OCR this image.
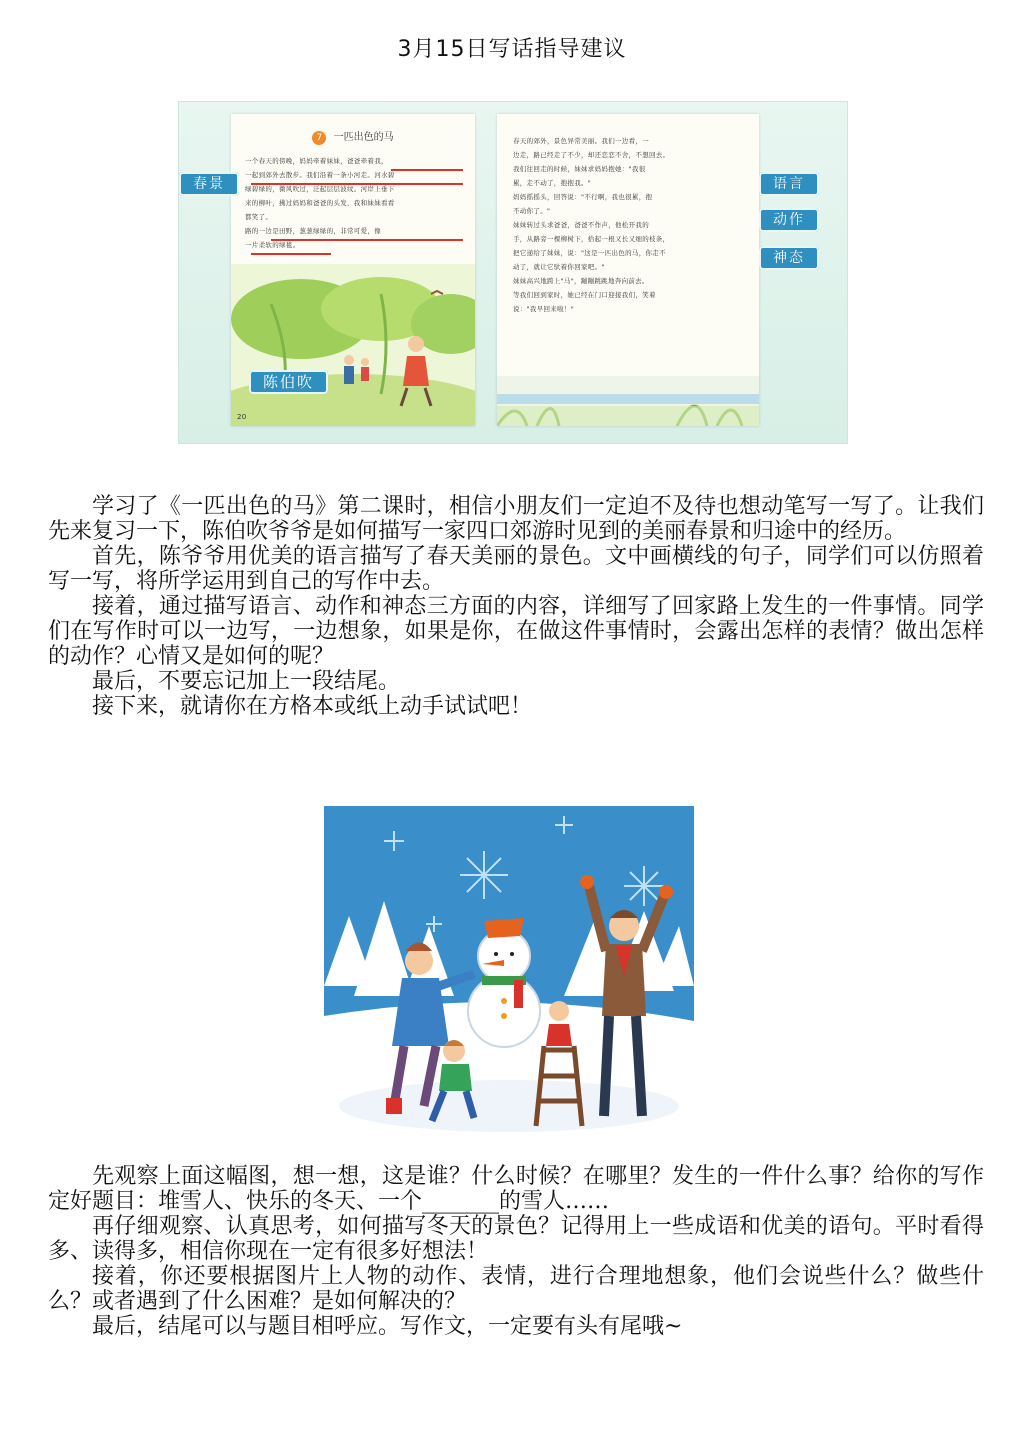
3月15日写话指导建议
7 一匹出色的马
一个春天的傍晚，妈妈牵着妹妹，爸爸牵着我，
一起到郊外去散步。我们沿着一条小河走。河水碧
绿碧绿的，微风吹过，泛起层层波纹。河岸上垂下
来的柳叶，拂过妈妈和爸爸的头发，我和妹妹看看
都笑了。
路的一边是田野，葱葱绿绿的，非常可爱，像
一片柔软的绿毯。
20
春天的郊外，景色异常美丽。我们一边看，一
边走，路已经走了不少，却还恋恋不舍，不想回去。
我们往回走的时候，妹妹求妈妈抱她："我很
累，走不动了，抱抱我。"
妈妈摇摇头，回答说："不行啊，我也很累，抱
不动你了。"
妹妹转过头求爸爸，爸爸不作声，他松开我的
手，从路旁一棵柳树下，拾起一根又长又细的枝条，
把它递给了妹妹，说："这是一匹出色的马，你走不
动了，就让它驮着你回家吧。"
妹妹高兴地跨上"马"，蹦蹦跳跳地奔向前去。
等我们回到家时，她已经在门口迎接我们，笑着
说："我早回来啦！"
春景
陈伯吹
语言
动作
神态

学习了《一匹出色的马》第二课时，相信小朋友们一定迫不及待也想动笔写一写了。让我们先来复习一下，陈伯吹爷爷是如何描写一家四口郊游时见到的美丽春景和归途中的经历。

首先，陈爷爷用优美的语言描写了春天美丽的景色。文中画横线的句子，同学们可以仿照着写一写，将所学运用到自己的写作中去。

接着，通过描写语言、动作和神态三方面的内容，详细写了回家路上发生的一件事情。同学们在写作时可以一边写，一边想象，如果是你，在做这件事情时，会露出怎样的表情？做出怎样的动作？心情又是如何的呢？

最后，不要忘记加上一段结尾。

接下来，就请你在方格本或纸上动手试试吧！

先观察上面这幅图，想一想，这是谁？什么时候？在哪里？发生的一件什么事？给你的写作定好题目：堆雪人、快乐的冬天、一个_______的雪人……

再仔细观察、认真思考，如何描写冬天的景色？记得用上一些成语和优美的语句。平时看得多、读得多，相信你现在一定有很多好想法！

接着，你还要根据图片上人物的动作、表情，进行合理地想象，他们会说些什么？做些什么？或者遇到了什么困难？是如何解决的？

最后，结尾可以与题目相呼应。写作文，一定要有头有尾哦~
